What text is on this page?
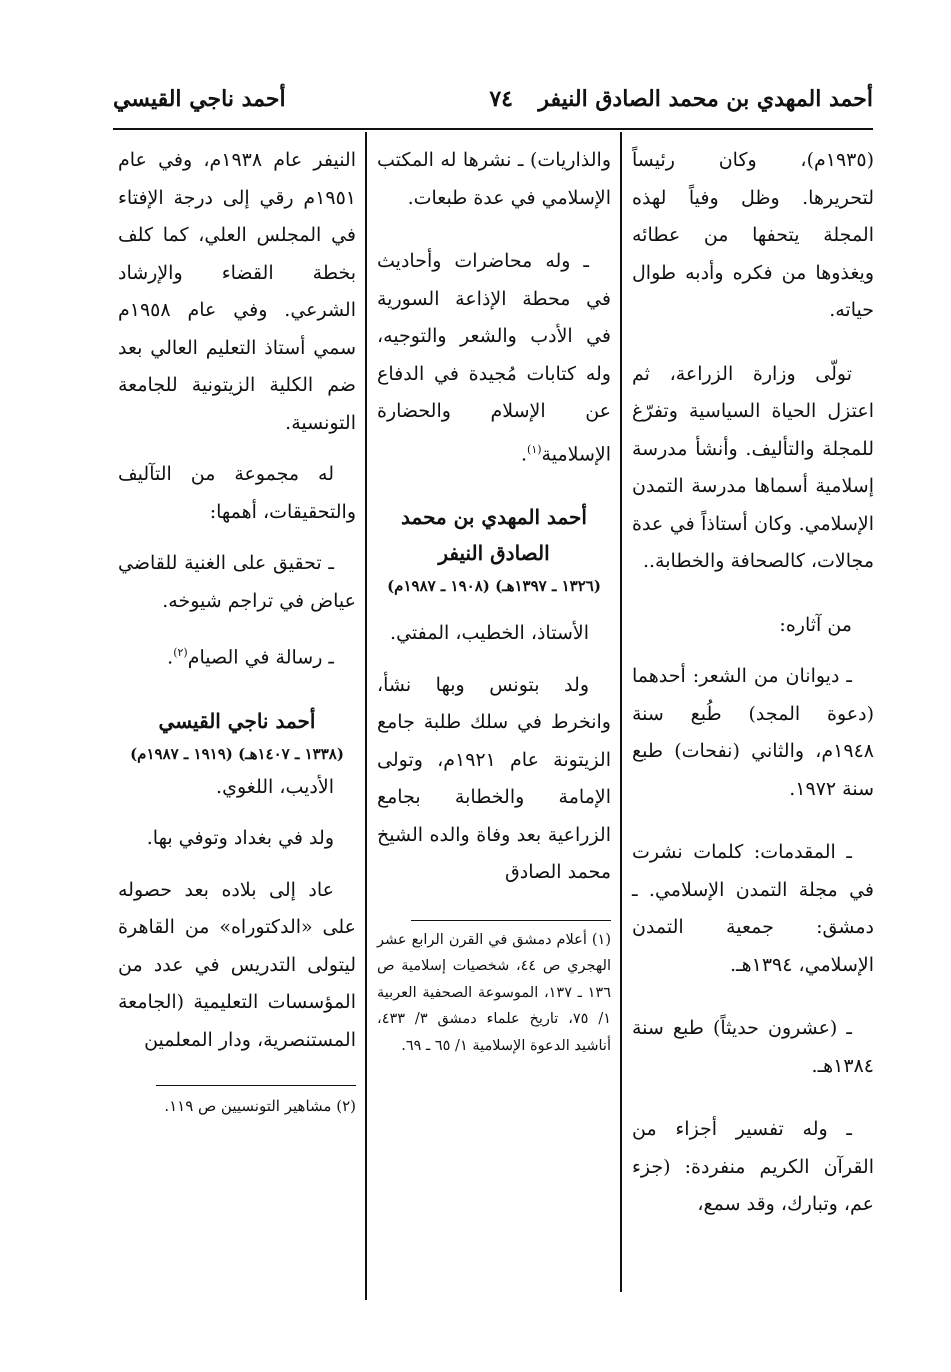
أحمد المهدي بن محمد الصادق النيفر
٧٤
أحمد ناجي القيسي

(١٩٣٥م)، وكان رئيساً لتحريرها. وظل وفياً لهذه المجلة يتحفها من عطائه ويغذوها من فكره وأدبه طوال حياته.

تولّى وزارة الزراعة، ثم اعتزل الحياة السياسية وتفرّغ للمجلة والتأليف. وأنشأ مدرسة إسلامية أسماها مدرسة التمدن الإسلامي. وكان أستاذاً في عدة مجالات، كالصحافة والخطابة..

من آثاره:

ـ ديوانان من الشعر: أحدهما (دعوة المجد) طُبع سنة ١٩٤٨م، والثاني (نفحات) طبع سنة ١٩٧٢.

ـ المقدمات: كلمات نشرت في مجلة التمدن الإسلامي. ـ دمشق: جمعية التمدن الإسلامي، ١٣٩٤هـ.

ـ (عشرون حديثاً) طبع سنة ١٣٨٤هـ.

ـ وله تفسير أجزاء من القرآن الكريم منفردة: (جزء عم، وتبارك، وقد سمع،

والذاريات) ـ نشرها له المكتب الإسلامي في عدة طبعات.

ـ وله محاضرات وأحاديث في محطة الإذاعة السورية في الأدب والشعر والتوجيه، وله كتابات مُجيدة في الدفاع عن الإسلام والحضارة الإسلامية$^{(١)}$.

أحمد المهدي بن محمد

الصادق النيفر

(١٣٢٦ ـ ١٣٩٧هـ) (١٩٠٨ ـ ١٩٨٧م)

الأستاذ، الخطيب، المفتي.

ولد بتونس وبها نشأ، وانخرط في سلك طلبة جامع الزيتونة عام ١٩٢١م، وتولى الإمامة والخطابة بجامع الزراعية بعد وفاة والده الشيخ محمد الصادق

(١) أعلام دمشق في القرن الرابع عشر الهجري ص ٤٤، شخصيات إسلامية ص ١٣٦ ـ ١٣٧، الموسوعة الصحفية العربية ١/ ٧٥، تاريخ علماء دمشق ٣/ ٤٣٣، أناشيد الدعوة الإسلامية ١/ ٦٥ ـ ٦٩.

النيفر عام ١٩٣٨م، وفي عام ١٩٥١م رقي إلى درجة الإفتاء في المجلس العلي، كما كلف بخطة القضاء والإرشاد الشرعي. وفي عام ١٩٥٨م سمي أستاذ التعليم العالي بعد ضم الكلية الزيتونية للجامعة التونسية.

له مجموعة من التآليف والتحقيقات، أهمها:

ـ تحقيق على الغنية للقاضي عياض في تراجم شيوخه.

ـ رسالة في الصيام$^{(٢)}$.

أحمد ناجي القيسي

(١٣٣٨ ـ ١٤٠٧هـ) (١٩١٩ ـ ١٩٨٧م)

الأديب، اللغوي.

ولد في بغداد وتوفي بها.

عاد إلى بلاده بعد حصوله على «الدكتوراه» من القاهرة ليتولى التدريس في عدد من المؤسسات التعليمية (الجامعة المستنصرية، ودار المعلمين

(٢) مشاهير التونسيين ص ١١٩.
